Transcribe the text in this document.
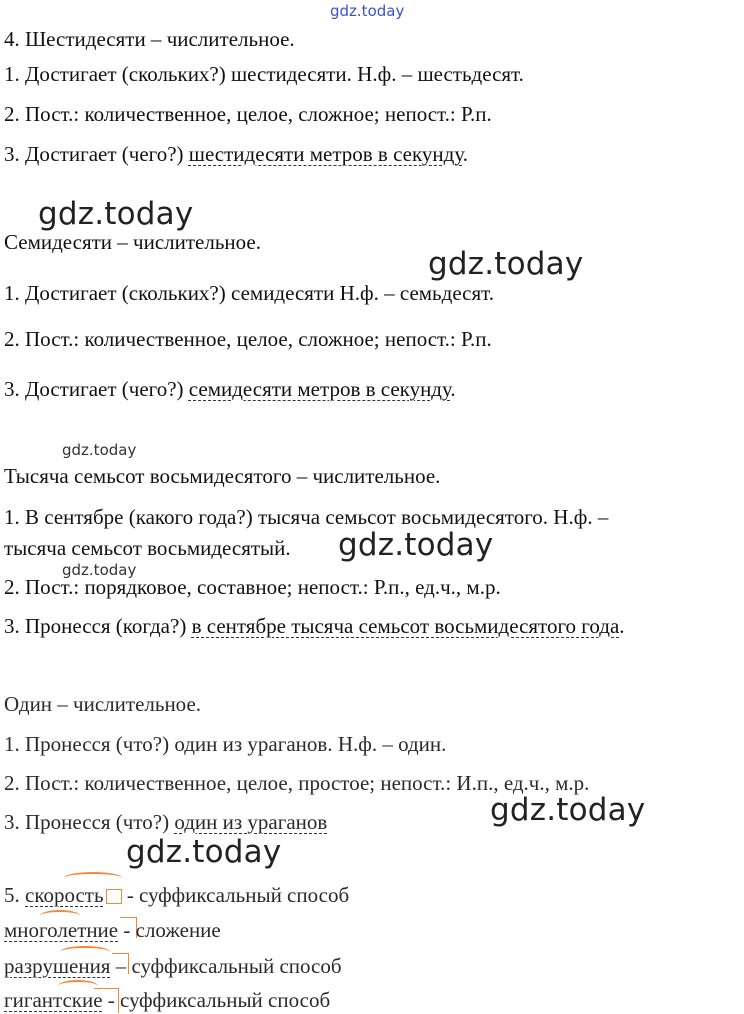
gdz.today
gdz.today
gdz.today
gdz.today
gdz.today
gdz.today
gdz.today
gdz.today
4. Шестидесяти – числительное.
1. Достигает (скольких?) шестидесяти. Н.ф. – шестьдесят.
2. Пост.: количественное, целое, сложное; непост.: Р.п.
3. Достигает (чего?) шестидесяти метров в секунду.
Семидесяти – числительное.
1. Достигает (скольких?) семидесяти Н.ф. – семьдесят.
2. Пост.: количественное, целое, сложное; непост.: Р.п.
3. Достигает (чего?) семидесяти метров в секунду.
Тысяча семьсот восьмидесятого – числительное.
1. В сентябре (какого года?) тысяча семьсот восьмидесятого. Н.ф. –
тысяча семьсот восьмидесятый.
2. Пост.: порядковое, составное; непост.: Р.п., ед.ч., м.р.
3. Пронесся (когда?) в сентябре тысяча семьсот восьмидесятого года.
Один – числительное.
1. Пронесся (что?) один из ураганов. Н.ф. – один.
2. Пост.: количественное, целое, простое; непост.: И.п., ед.ч., м.р.
3. Пронесся (что?) один из ураганов
5. скорость - суффиксальный способ
многолетние - сложение
разрушения – суффиксальный способ
гигантские - суффиксальный способ
